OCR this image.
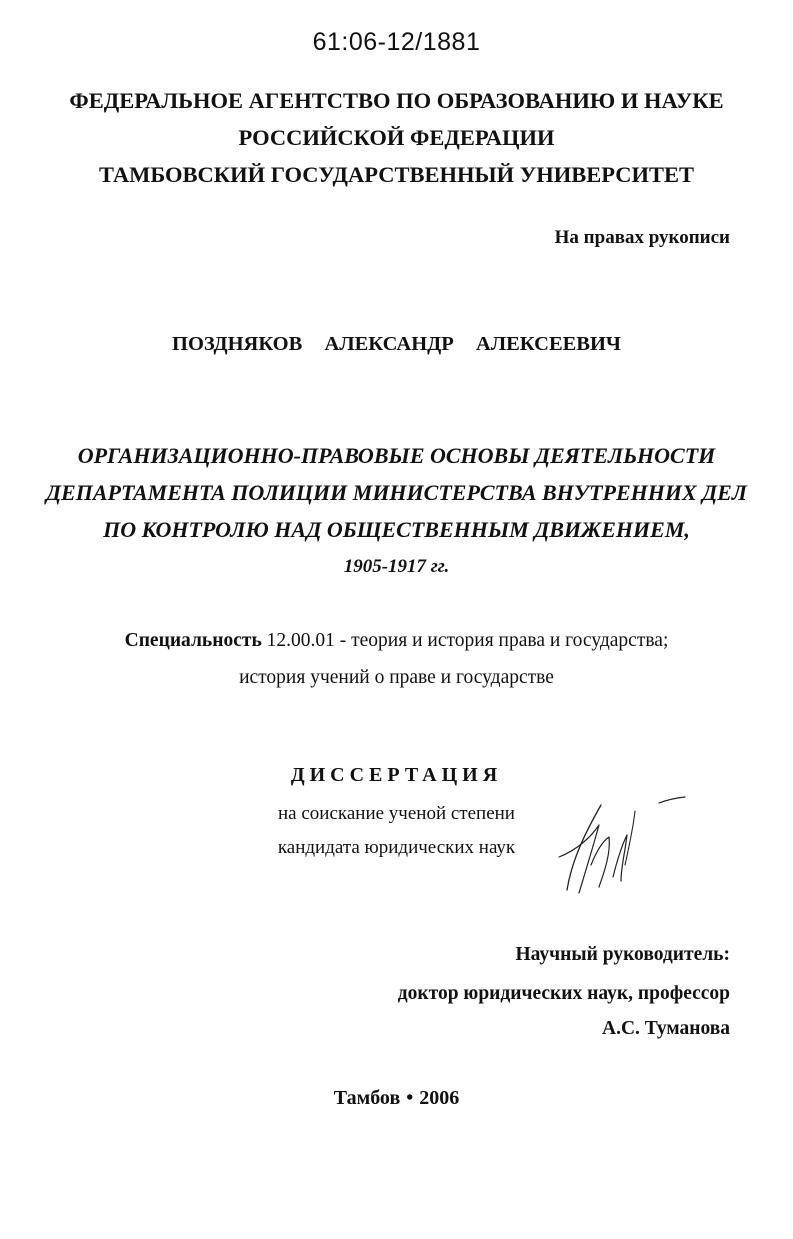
61:06-12/1881
ФЕДЕРАЛЬНОЕ АГЕНТСТВО ПО ОБРАЗОВАНИЮ И НАУКЕ
РОССИЙСКОЙ ФЕДЕРАЦИИ
ТАМБОВСКИЙ ГОСУДАРСТВЕННЫЙ УНИВЕРСИТЕТ
На правах рукописи
ПОЗДНЯКОВ  АЛЕКСАНДР  АЛЕКСЕЕВИЧ
ОРГАНИЗАЦИОННО-ПРАВОВЫЕ ОСНОВЫ ДЕЯТЕЛЬНОСТИ
ДЕПАРТАМЕНТА ПОЛИЦИИ МИНИСТЕРСТВА ВНУТРЕННИХ ДЕЛ
ПО КОНТРОЛЮ НАД ОБЩЕСТВЕННЫМ ДВИЖЕНИЕМ,
1905-1917 гг.
Специальность 12.00.01 - теория и история права и государства;
история учений о праве и государстве
ДИССЕРТАЦИЯ
на соискание ученой степени
кандидата юридических наук
Научный руководитель:
доктор юридических наук, профессор
А.С. Туманова
Тамбов • 2006
